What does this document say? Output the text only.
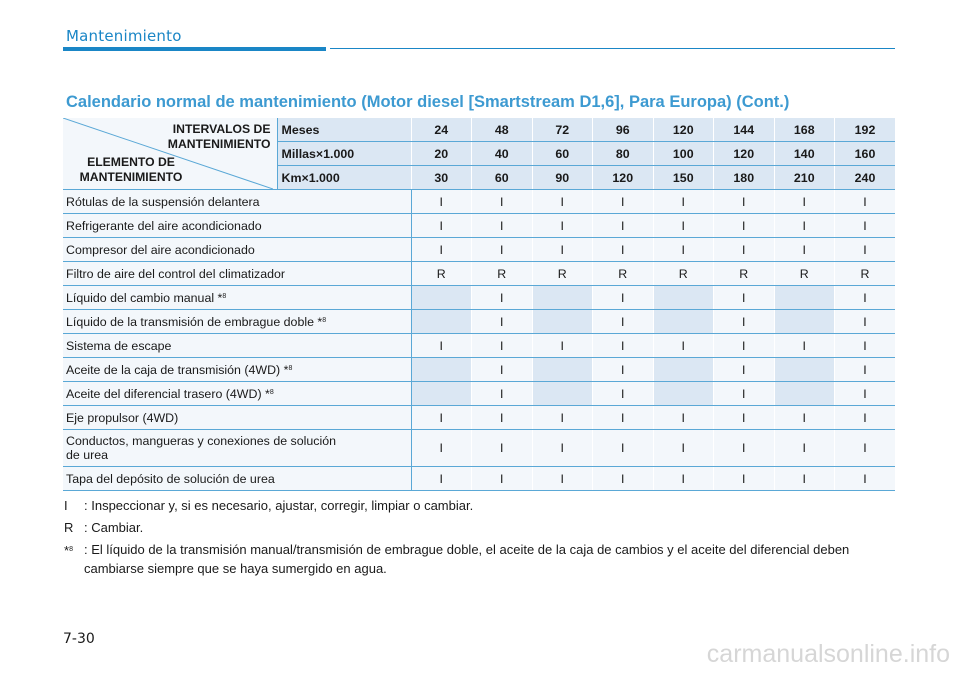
Mantenimiento
Calendario normal de mantenimiento (Motor diesel [Smartstream D1,6], Para Europa) (Cont.)
INTERVALOS DE MANTENIMIENTO
ELEMENTO DE MANTENIMIENTO	Meses	24	48	72	96	120	144	168	192
	Millas×1.000	20	40	60	80	100	120	140	160
	Km×1.000	30	60	90	120	150	180	210	240
Rótulas de la suspensión delantera		I	I	I	I	I	I	I	I
Refrigerante del aire acondicionado		I	I	I	I	I	I	I	I
Compresor del aire acondicionado		I	I	I	I	I	I	I	I
Filtro de aire del control del climatizador		R	R	R	R	R	R	R	R
Líquido del cambio manual *$^8$			I		I		I		I
Líquido de la transmisión de embrague doble *$^8$			I		I		I		I
Sistema de escape		I	I	I	I	I	I	I	I
Aceite de la caja de transmisión (4WD) *$^8$			I		I		I		I
Aceite del diferencial trasero (4WD) *$^8$			I		I		I		I
Eje propulsor (4WD)		I	I	I	I	I	I	I	I
Conductos, mangueras y conexiones de solución
de urea		I	I	I	I	I	I	I	I
Tapa del depósito de solución de urea		I	I	I	I	I	I	I	I
I	: Inspeccionar y, si es necesario, ajustar, corregir, limpiar o cambiar.
R : Cambiar.
*$^8$ : El líquido de la transmisión manual/transmisión de embrague doble, el aceite de la caja de cambios y el aceite del diferencial deben cambiarse siempre que se haya sumergido en agua.
7-30
carmanualsonline.info
